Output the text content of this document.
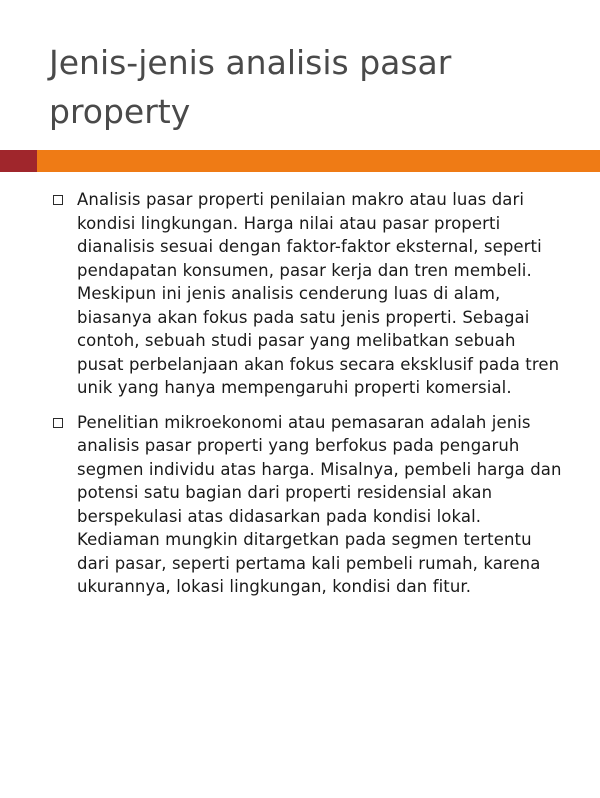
Jenis-jenis analisis pasar property
Analisis pasar properti penilaian makro atau luas dari kondisi lingkungan. Harga nilai atau pasar properti dianalisis sesuai dengan faktor-faktor eksternal, seperti pendapatan konsumen, pasar kerja dan tren membeli. Meskipun ini jenis analisis cenderung luas di alam, biasanya akan fokus pada satu jenis properti. Sebagai contoh, sebuah studi pasar yang melibatkan sebuah pusat perbelanjaan akan fokus secara eksklusif pada tren unik yang hanya mempengaruhi properti komersial.
Penelitian mikroekonomi atau pemasaran adalah jenis analisis pasar properti yang berfokus pada pengaruh segmen individu atas harga. Misalnya, pembeli harga dan potensi satu bagian dari properti residensial akan berspekulasi atas didasarkan pada kondisi lokal. Kediaman mungkin ditargetkan pada segmen tertentu dari pasar, seperti pertama kali pembeli rumah, karena ukurannya, lokasi lingkungan, kondisi dan fitur.
